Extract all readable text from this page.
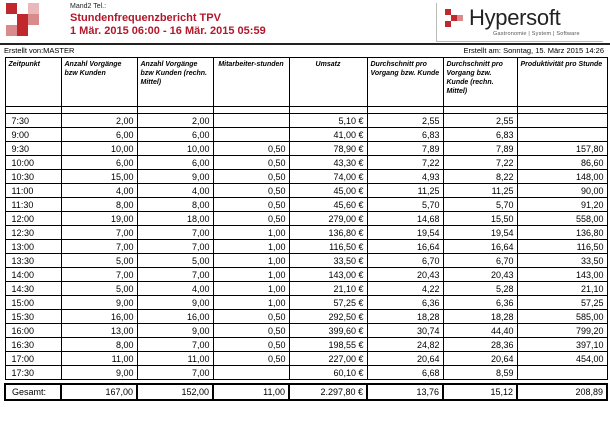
Mand2 Tel.:
Stundenfrequenzbericht TPV
1 Mär. 2015 06:00 - 16 Mär. 2015 05:59
Hypersoft
Gastronomie | System | Software
Erstellt von:MASTER	Erstellt am: Sonntag, 15. März 2015 14:26
Zeitpunkt	Anzahl Vorgänge bzw Kunden	Anzahl Vorgänge bzw Kunden (rechn. Mittel)	Mitarbeiter-stunden	Umsatz	Durchschnitt pro Vorgang bzw. Kunde	Durchschnitt pro Vorgang bzw. Kunde (rechn. Mittel)	Produktivität pro Stunde

7:30	2,00	2,00		5,10 €	2,55	2,55	
9:00	6,00	6,00		41,00 €	6,83	6,83	
9:30	10,00	10,00	0,50	78,90 €	7,89	7,89	157,80
10:00	6,00	6,00	0,50	43,30 €	7,22	7,22	86,60
10:30	15,00	9,00	0,50	74,00 €	4,93	8,22	148,00
11:00	4,00	4,00	0,50	45,00 €	11,25	11,25	90,00
11:30	8,00	8,00	0,50	45,60 €	5,70	5,70	91,20
12:00	19,00	18,00	0,50	279,00 €	14,68	15,50	558,00
12:30	7,00	7,00	1,00	136,80 €	19,54	19,54	136,80
13:00	7,00	7,00	1,00	116,50 €	16,64	16,64	116,50
13:30	5,00	5,00	1,00	33,50 €	6,70	6,70	33,50
14:00	7,00	7,00	1,00	143,00 €	20,43	20,43	143,00
14:30	5,00	4,00	1,00	21,10 €	4,22	5,28	21,10
15:00	9,00	9,00	1,00	57,25 €	6,36	6,36	57,25
15:30	16,00	16,00	0,50	292,50 €	18,28	18,28	585,00
16:00	13,00	9,00	0,50	399,60 €	30,74	44,40	799,20
16:30	8,00	7,00	0,50	198,55 €	24,82	28,36	397,10
17:00	11,00	11,00	0,50	227,00 €	20,64	20,64	454,00
17:30	9,00	7,00		60,10 €	6,68	8,59	

Gesamt:	167,00	152,00	11,00	2.297,80 €	13,76	15,12	208,89
